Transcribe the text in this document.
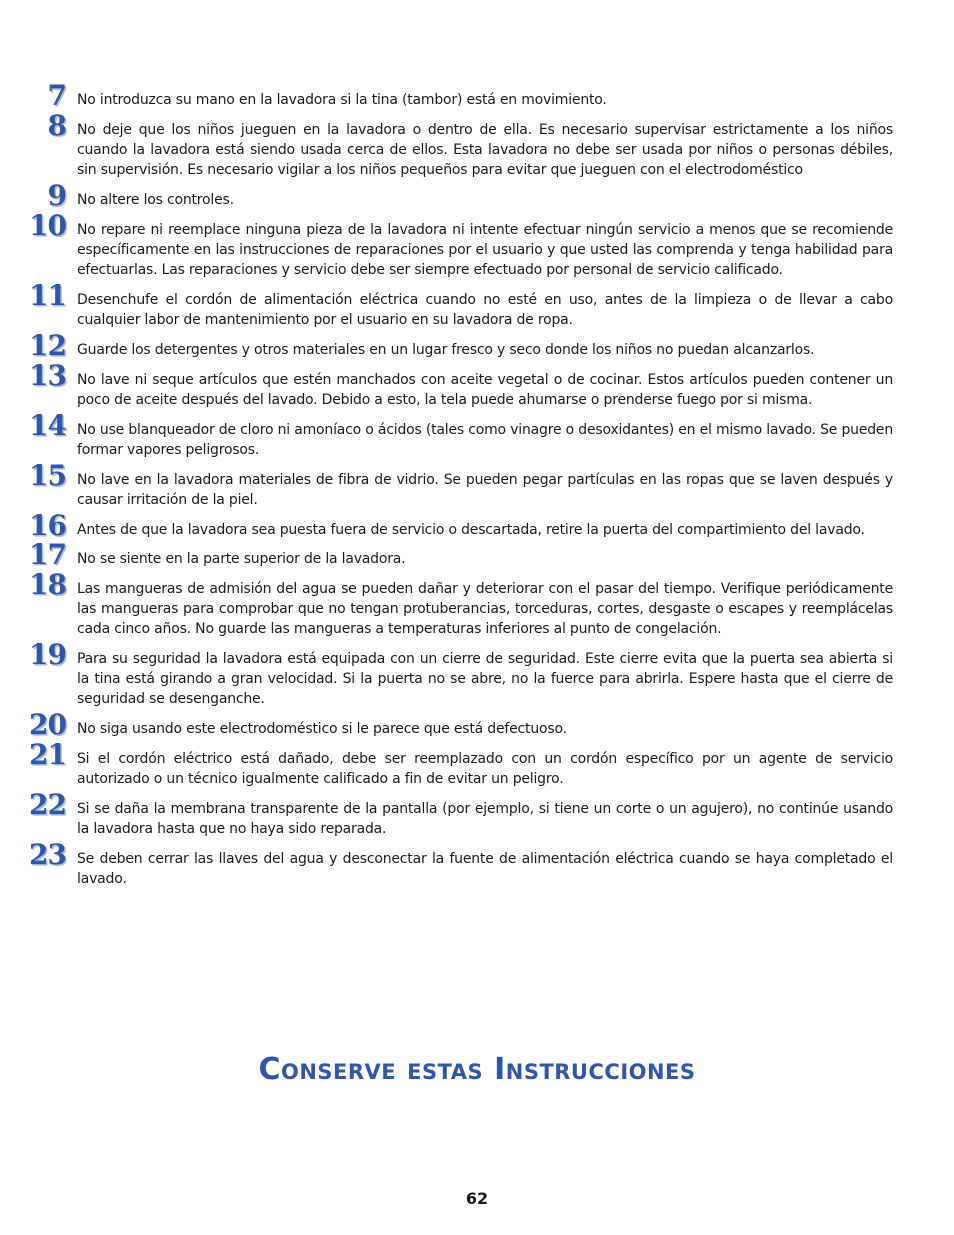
7 No introduzca su mano en la lavadora si la tina (tambor) está en movimiento.

8 No deje que los niños jueguen en la lavadora o dentro de ella. Es necesario supervisar estrictamente a los niños cuando la lavadora está siendo usada cerca de ellos. Esta lavadora no debe ser usada por niños o personas débiles, sin supervisión. Es necesario vigilar a los niños pequeños para evitar que jueguen con el electrodoméstico

9 No altere los controles.

10 No repare ni reemplace ninguna pieza de la lavadora ni intente efectuar ningún servicio a menos que se recomiende específicamente en las instrucciones de reparaciones por el usuario y que usted las comprenda y tenga habilidad para efectuarlas. Las reparaciones y servicio debe ser siempre efectuado por personal de servicio calificado.

11 Desenchufe el cordón de alimentación eléctrica cuando no esté en uso, antes de la limpieza o de llevar a cabo cualquier labor de mantenimiento por el usuario en su lavadora de ropa.

12 Guarde los detergentes y otros materiales en un lugar fresco y seco donde los niños no puedan alcanzarlos.

13 No lave ni seque artículos que estén manchados con aceite vegetal o de cocinar. Estos artículos pueden contener un poco de aceite después del lavado. Debido a esto, la tela puede ahumarse o prenderse fuego por si misma.

14 No use blanqueador de cloro ni amoníaco o ácidos (tales como vinagre o desoxidantes) en el mismo lavado. Se pueden formar vapores peligrosos.

15 No lave en la lavadora materiales de fibra de vidrio. Se pueden pegar partículas en las ropas que se laven después y causar irritación de la piel.

16 Antes de que la lavadora sea puesta fuera de servicio o descartada, retire la puerta del compartimiento del lavado.

17 No se siente en la parte superior de la lavadora.

18 Las mangueras de admisión del agua se pueden dañar y deteriorar con el pasar del tiempo. Verifique periódicamente las mangueras para comprobar que no tengan protuberancias, torceduras, cortes, desgaste o escapes y reemplácelas cada cinco años. No guarde las mangueras a temperaturas inferiores al punto de congelación.

19 Para su seguridad la lavadora está equipada con un cierre de seguridad. Este cierre evita que la puerta sea abierta si la tina está girando a gran velocidad. Si la puerta no se abre, no la fuerce para abrirla. Espere hasta que el cierre de seguridad se desenganche.

20 No siga usando este electrodoméstico si le parece que está defectuoso.

21 Si el cordón eléctrico está dañado, debe ser reemplazado con un cordón específico por un agente de servicio autorizado o un técnico igualmente calificado a fin de evitar un peligro.

22 Si se daña la membrana transparente de la pantalla (por ejemplo, si tiene un corte o un agujero), no continúe usando la lavadora hasta que no haya sido reparada.

23 Se deben cerrar las llaves del agua y desconectar la fuente de alimentación eléctrica cuando se haya completado el lavado.

Conserve estas Instrucciones
62
